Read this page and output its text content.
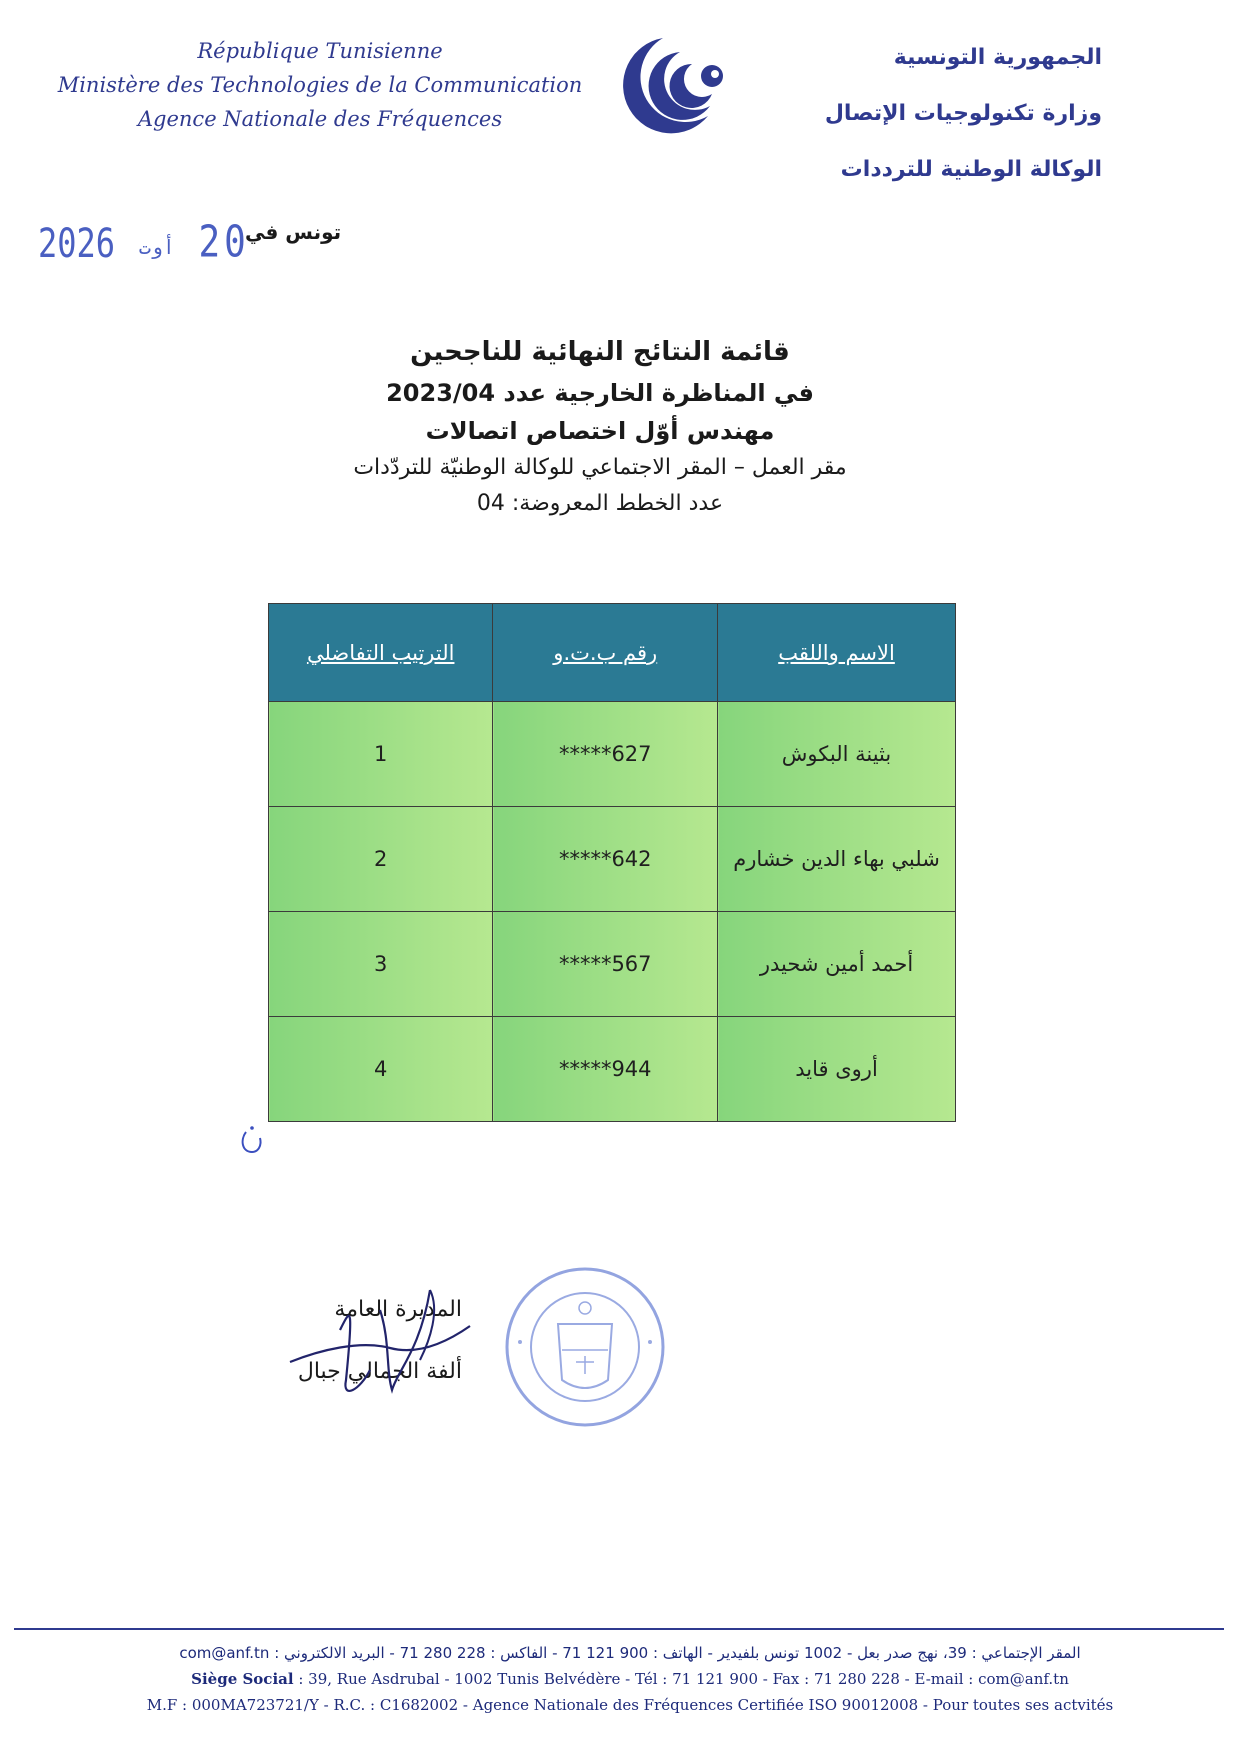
République Tunisienne
Ministère des Technologies de la Communication
Agence Nationale des Fréquences
الجمهورية التونسية
وزارة تكنولوجيات الإتصال
الوكالة الوطنية للترددات
تونس في
2026 أوت 20
قائمة النتائج النهائية للناجحين
في المناظرة الخارجية عدد 2023/04
مهندس أوّل اختصاص اتصالات
مقر العمل – المقر الاجتماعي للوكالة الوطنيّة للتردّدات
عدد الخطط المعروضة: 04
الاسم واللقب	رقم ب.ت.و	الترتيب التفاضلي
بثينة البكوش	*****627	1
شلبي بهاء الدين خشارم	*****642	2
أحمد أمين شحيدر	*****567	3
أروى قايد	*****944	4
المديرة العامة
ألفة الجمالي جبال
المقر الإجتماعي : 39، نهج صدر بعل - 1002 تونس بلفيدير - الهاتف : 900 121 71 - الفاكس : 228 280 71 - البريد الالكتروني : com@anf.tn
Siège Social : 39, Rue Asdrubal - 1002 Tunis Belvédère - Tél : 71 121 900 - Fax : 71 280 228 - E-mail : com@anf.tn
M.F : 000MA723721/Y - R.C. : C1682002 - Agence Nationale des Fréquences Certifiée ISO 90012008 - Pour toutes ses actvités
